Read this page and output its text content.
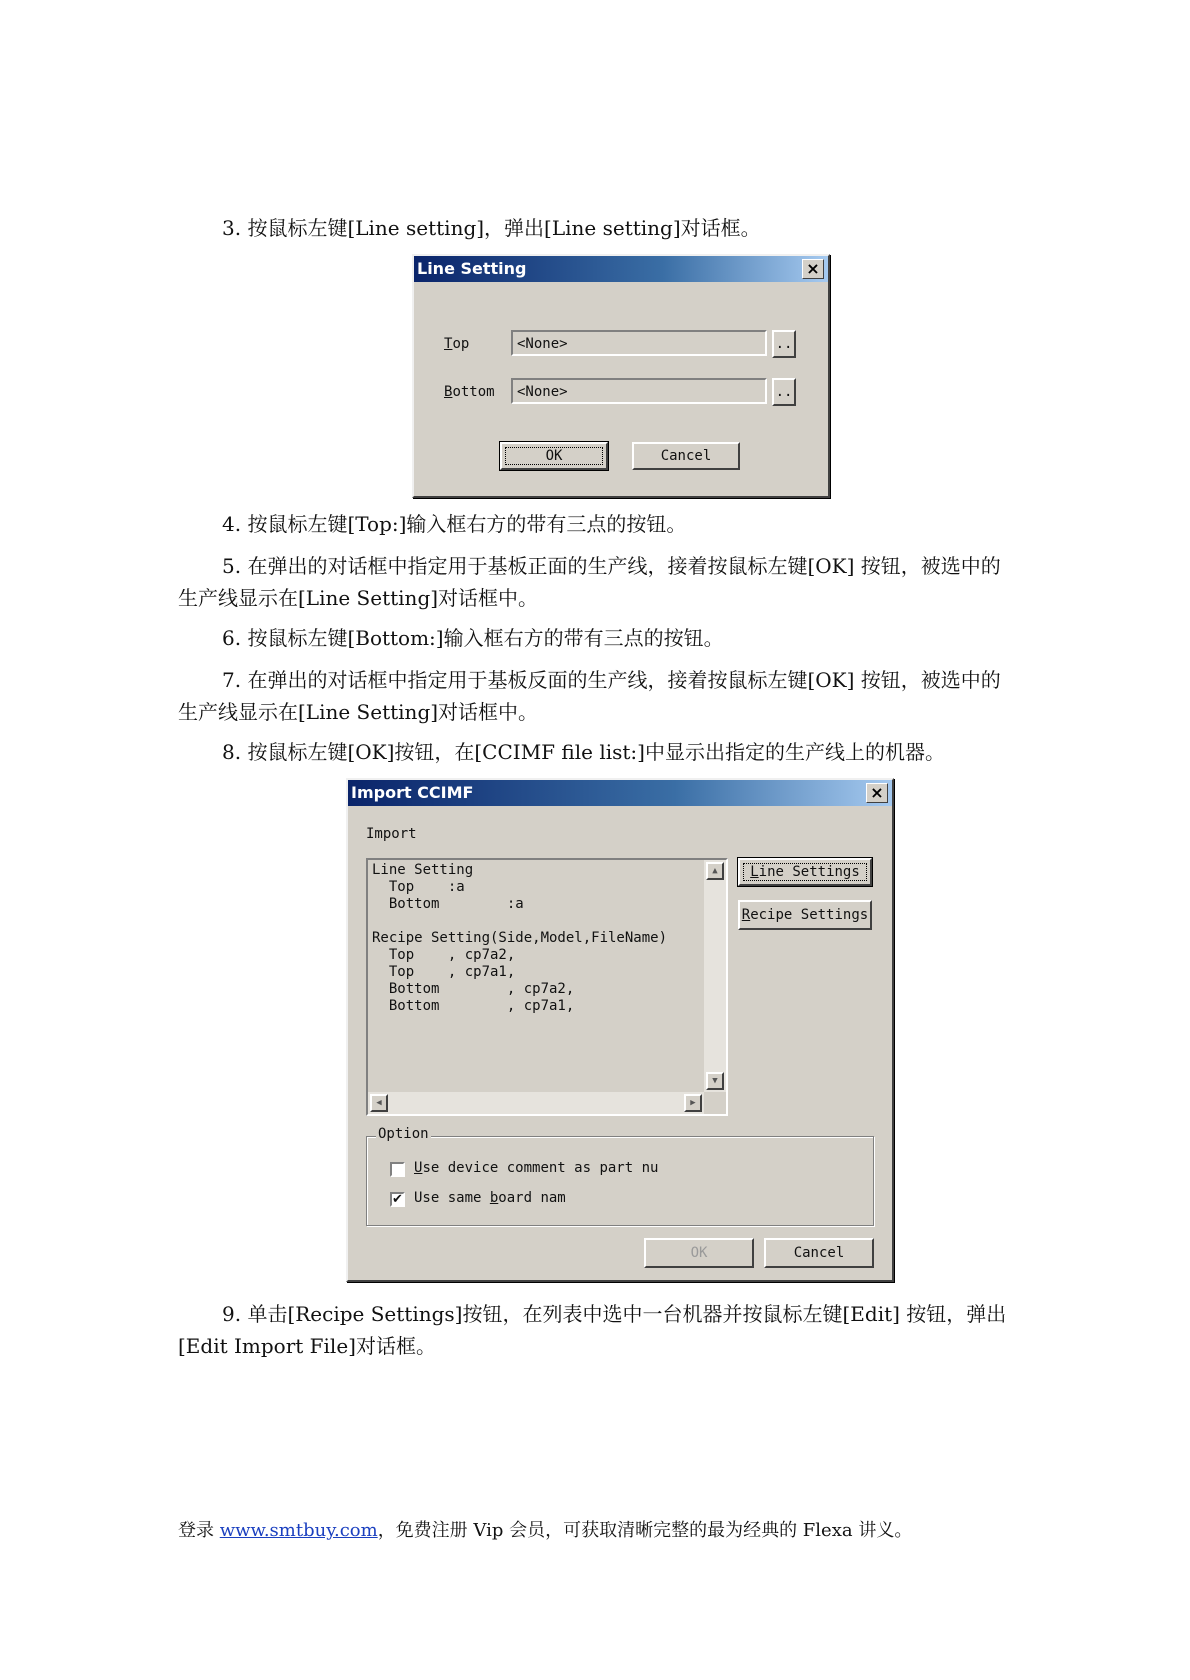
3. 按鼠标左键[Line setting]，弹出[Line setting]对话框。

Line Setting	×
Top	<None>	..
Bottom	<None>	..
OK	Cancel

4. 按鼠标左键[Top:]输入框右方的带有三点的按钮。

5. 在弹出的对话框中指定用于基板正面的生产线，接着按鼠标左键[OK] 按钮，被选中的生产线显示在[Line Setting]对话框中。

6. 按鼠标左键[Bottom:]输入框右方的带有三点的按钮。

7. 在弹出的对话框中指定用于基板反面的生产线，接着按鼠标左键[OK] 按钮，被选中的生产线显示在[Line Setting]对话框中。

8. 按鼠标左键[OK]按钮，在[CCIMF file list:]中显示出指定的生产线上的机器。

Import CCIMF	×
Import
Line Setting
Top    :a
Bottom        :a
Recipe Setting(Side,Model,FileName)
Top    , cp7a2,
Top    , cp7a1,
Bottom        , cp7a2,
Bottom        , cp7a1,
▲
▼
◀	▶
Line Settings
Recipe Settings
Option
Use device comment as part nu
✔ Use same board nam
OK	Cancel

9. 单击[Recipe Settings]按钮，在列表中选中一台机器并按鼠标左键[Edit] 按钮，弹出[Edit Import File]对话框。

登录 www.smtbuy.com，免费注册 Vip 会员，可获取清晰完整的最为经典的 Flexa 讲义。
